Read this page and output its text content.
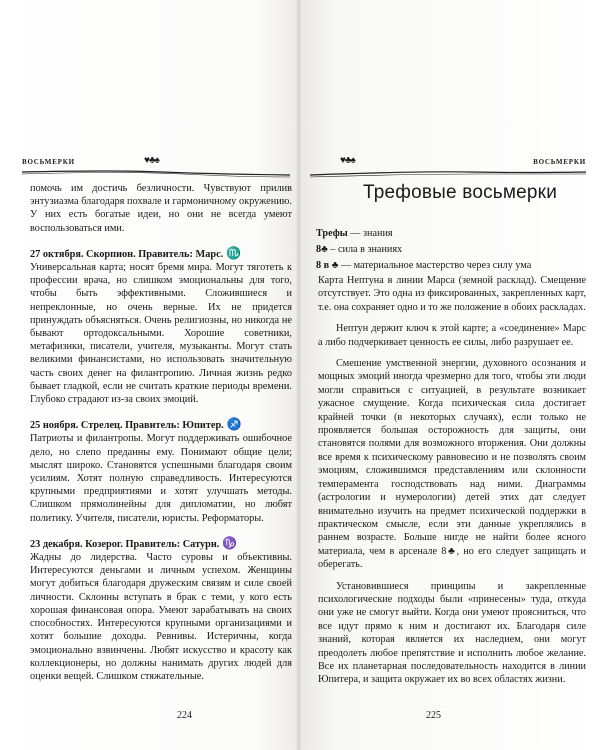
восьмерки	♥♣♠

помочь им достичь безличности. Чувствуют прилив энтузиазма благодаря похвале и гармоничному окружению. У них есть богатые идеи, но они не всегда умеют воспользоваться ими.

27 октября. Скорпион. Правитель: Марс. ♏

Универсальная карта; носят бремя мира. Могут тяготеть к профессии врача, но слишком эмоциональны для того, чтобы быть эффективными. Сложившиеся и непреклонные, но очень верные. Их не придется принуждать объясняться. Очень религиозны, но никогда не бывают ортодоксальными. Хорошие советники, метафизики, писатели, учителя, музыканты. Могут стать великими финансистами, но использовать значительную часть своих денег на филантропию. Личная жизнь редко бывает гладкой, если не считать краткие периоды времени. Глубоко страдают из-за своих эмоций.

25 ноября. Стрелец. Правитель: Юпитер. ♐

Патриоты и филантропы. Могут поддерживать ошибочное дело, но слепо преданны ему. Понимают общие цели; мыслят широко. Становятся успешными благодаря своим усилиям. Хотят полную справедливость. Интересуются крупными предприятиями и хотят улучшать методы. Слишком прямолинейны для дипломатии, но любят политику. Учителя, писатели, юристы. Реформаторы.

23 декабря. Козерог. Правитель: Сатурн. ♑

Жадны до лидерства. Часто суровы и объективны. Интересуются деньгами и личным успехом. Женщины могут добиться благодаря дружеским связям и силе своей личности. Склонны вступать в брак с теми, у кого есть хорошая финансовая опора. Умеют зарабатывать на своих способностях. Интересуются крупными организациями и хотят большие доходы. Ревнивы. Истеричны, когда эмоционально взвинчены. Любят искусство и красоту как коллекционеры, но должны нанимать других людей для оценки вещей. Слишком стяжательные.

224
♥♣♠	восьмерки
Трефовые восьмерки

Трефы — знания

8♣ – сила в знаниях

8 в ♣ — материальное мастерство через силу ума

Карта Нептуна в линии Марса (земной расклад). Смещение отсутствует. Это одна из фиксированных, закрепленных карт, т.е. она сохраняет одно и то же положение в обоих раскладах.

Нептун держит ключ к этой карте; а «соединение» Марс а либо подчеркивает ценность ее силы, либо разрушает ее.

Смешение умственной энергии, духовного осознания и мощных эмоций иногда чрезмерно для того, чтобы эти люди могли справиться с ситуацией, в результате возникает ужасное смущение. Когда психическая сила достигает крайней точки (в некоторых случаях), если только не проявляется большая осторожность для защиты, они становятся полями для возможного вторжения. Они должны все время к психическому равновесию и не позволять своим эмоциям, сложившимся представлениям или склонности темперамента господствовать над ними. Диаграммы (астрологии и нумерологии) детей этих дат следует внимательно изучить на предмет психической поддержки в практическом смысле, если эти данные укреплялись в раннем возрасте. Больше нигде не найти более ясного материала, чем в арсенале 8♣, но его следует защищать и оберегать.

Установившиеся принципы и закрепленные психологические подходы были «принесены» туда, откуда они уже не смогут выйти. Когда они умеют проясниться, что все идут прямо к ним и достигают их. Благодаря силе знаний, которая является их наследием, они могут преодолеть любое препятствие и исполнить любое желание. Все их планетарная последовательность находится в линии Юпитера, и защита окружает их во всех областях жизни.

225
